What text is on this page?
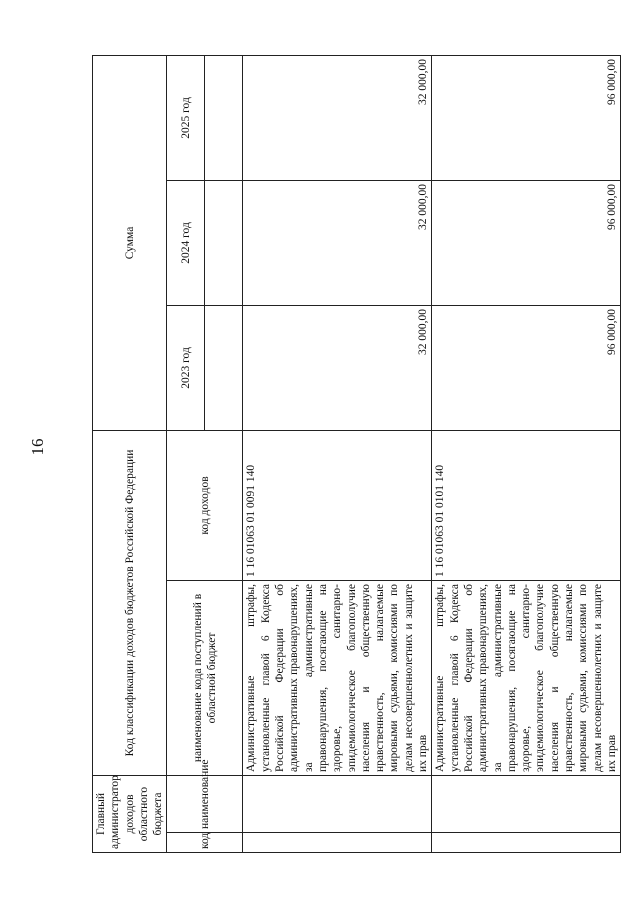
16
Главный администратор доходов областного бюджета		Код классификации доходов бюджетов Российской Федерации		Сумма		
код	наименование	наименование кода поступлений в областной бюджет	код доходов	2023 год	2024 год	2025 год

		Административные штрафы, установленные главой 6 Кодекса Российской Федерации об административных правонарушениях, за административные правонарушения, посягающие на здоровье, санитарно-эпидемиологическое благополучие населения и общественную нравственность, налагаемые мировыми судьями, комиссиями по делам несовершеннолетних и защите их прав	1 16 01063 01 0091 140	32 000,00	32 000,00	32 000,00
		Административные штрафы, установленные главой 6 Кодекса Российской Федерации об административных правонарушениях, за административные правонарушения, посягающие на здоровье, санитарно-эпидемиологическое благополучие населения и общественную нравственность, налагаемые мировыми судьями, комиссиями по делам несовершеннолетних и защите их прав	1 16 01063 01 0101 140	96 000,00	96 000,00	96 000,00
